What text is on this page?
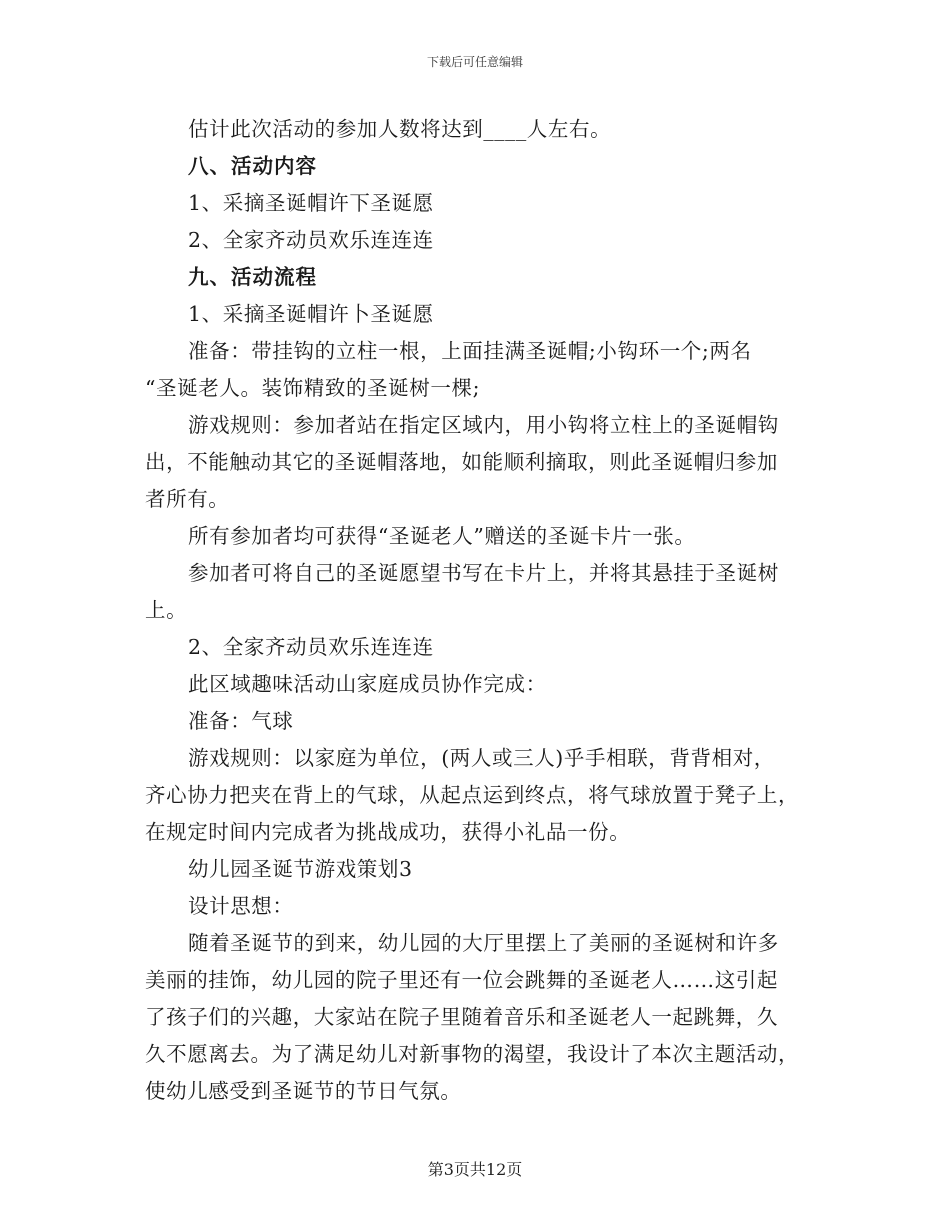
下载后可任意编辑
估计此次活动的参加人数将达到____人左右。
八、活动内容
1、采摘圣诞帽许下圣诞愿
2、全家齐动员欢乐连连连
九、活动流程
1、采摘圣诞帽许卜圣诞愿
准备：带挂钩的立柱一根，上面挂满圣诞帽;小钩环一个;两名
“圣诞老人。装饰精致的圣诞树一棵;
游戏规则：参加者站在指定区域内，用小钩将立柱上的圣诞帽钩
出，不能触动其它的圣诞帽落地，如能顺利摘取，则此圣诞帽归参加
者所有。
所有参加者均可获得“圣诞老人”赠送的圣诞卡片一张。
参加者可将自己的圣诞愿望书写在卡片上，并将其悬挂于圣诞树
上。
2、全家齐动员欢乐连连连
此区域趣味活动山家庭成员协作完成：
准备：气球
游戏规则：以家庭为单位，(两人或三人)乎手相联，背背相对，
齐心协力把夹在背上的气球，从起点运到终点，将气球放置于凳子上，
在规定时间内完成者为挑战成功，获得小礼品一份。
幼儿园圣诞节游戏策划3
设计思想：
随着圣诞节的到来，幼儿园的大厅里摆上了美丽的圣诞树和许多
美丽的挂饰，幼儿园的院子里还有一位会跳舞的圣诞老人……这引起
了孩子们的兴趣，大家站在院子里随着音乐和圣诞老人一起跳舞，久
久不愿离去。为了满足幼儿对新事物的渴望，我设计了本次主题活动，
使幼儿感受到圣诞节的节日气氛。
第3页共12页
